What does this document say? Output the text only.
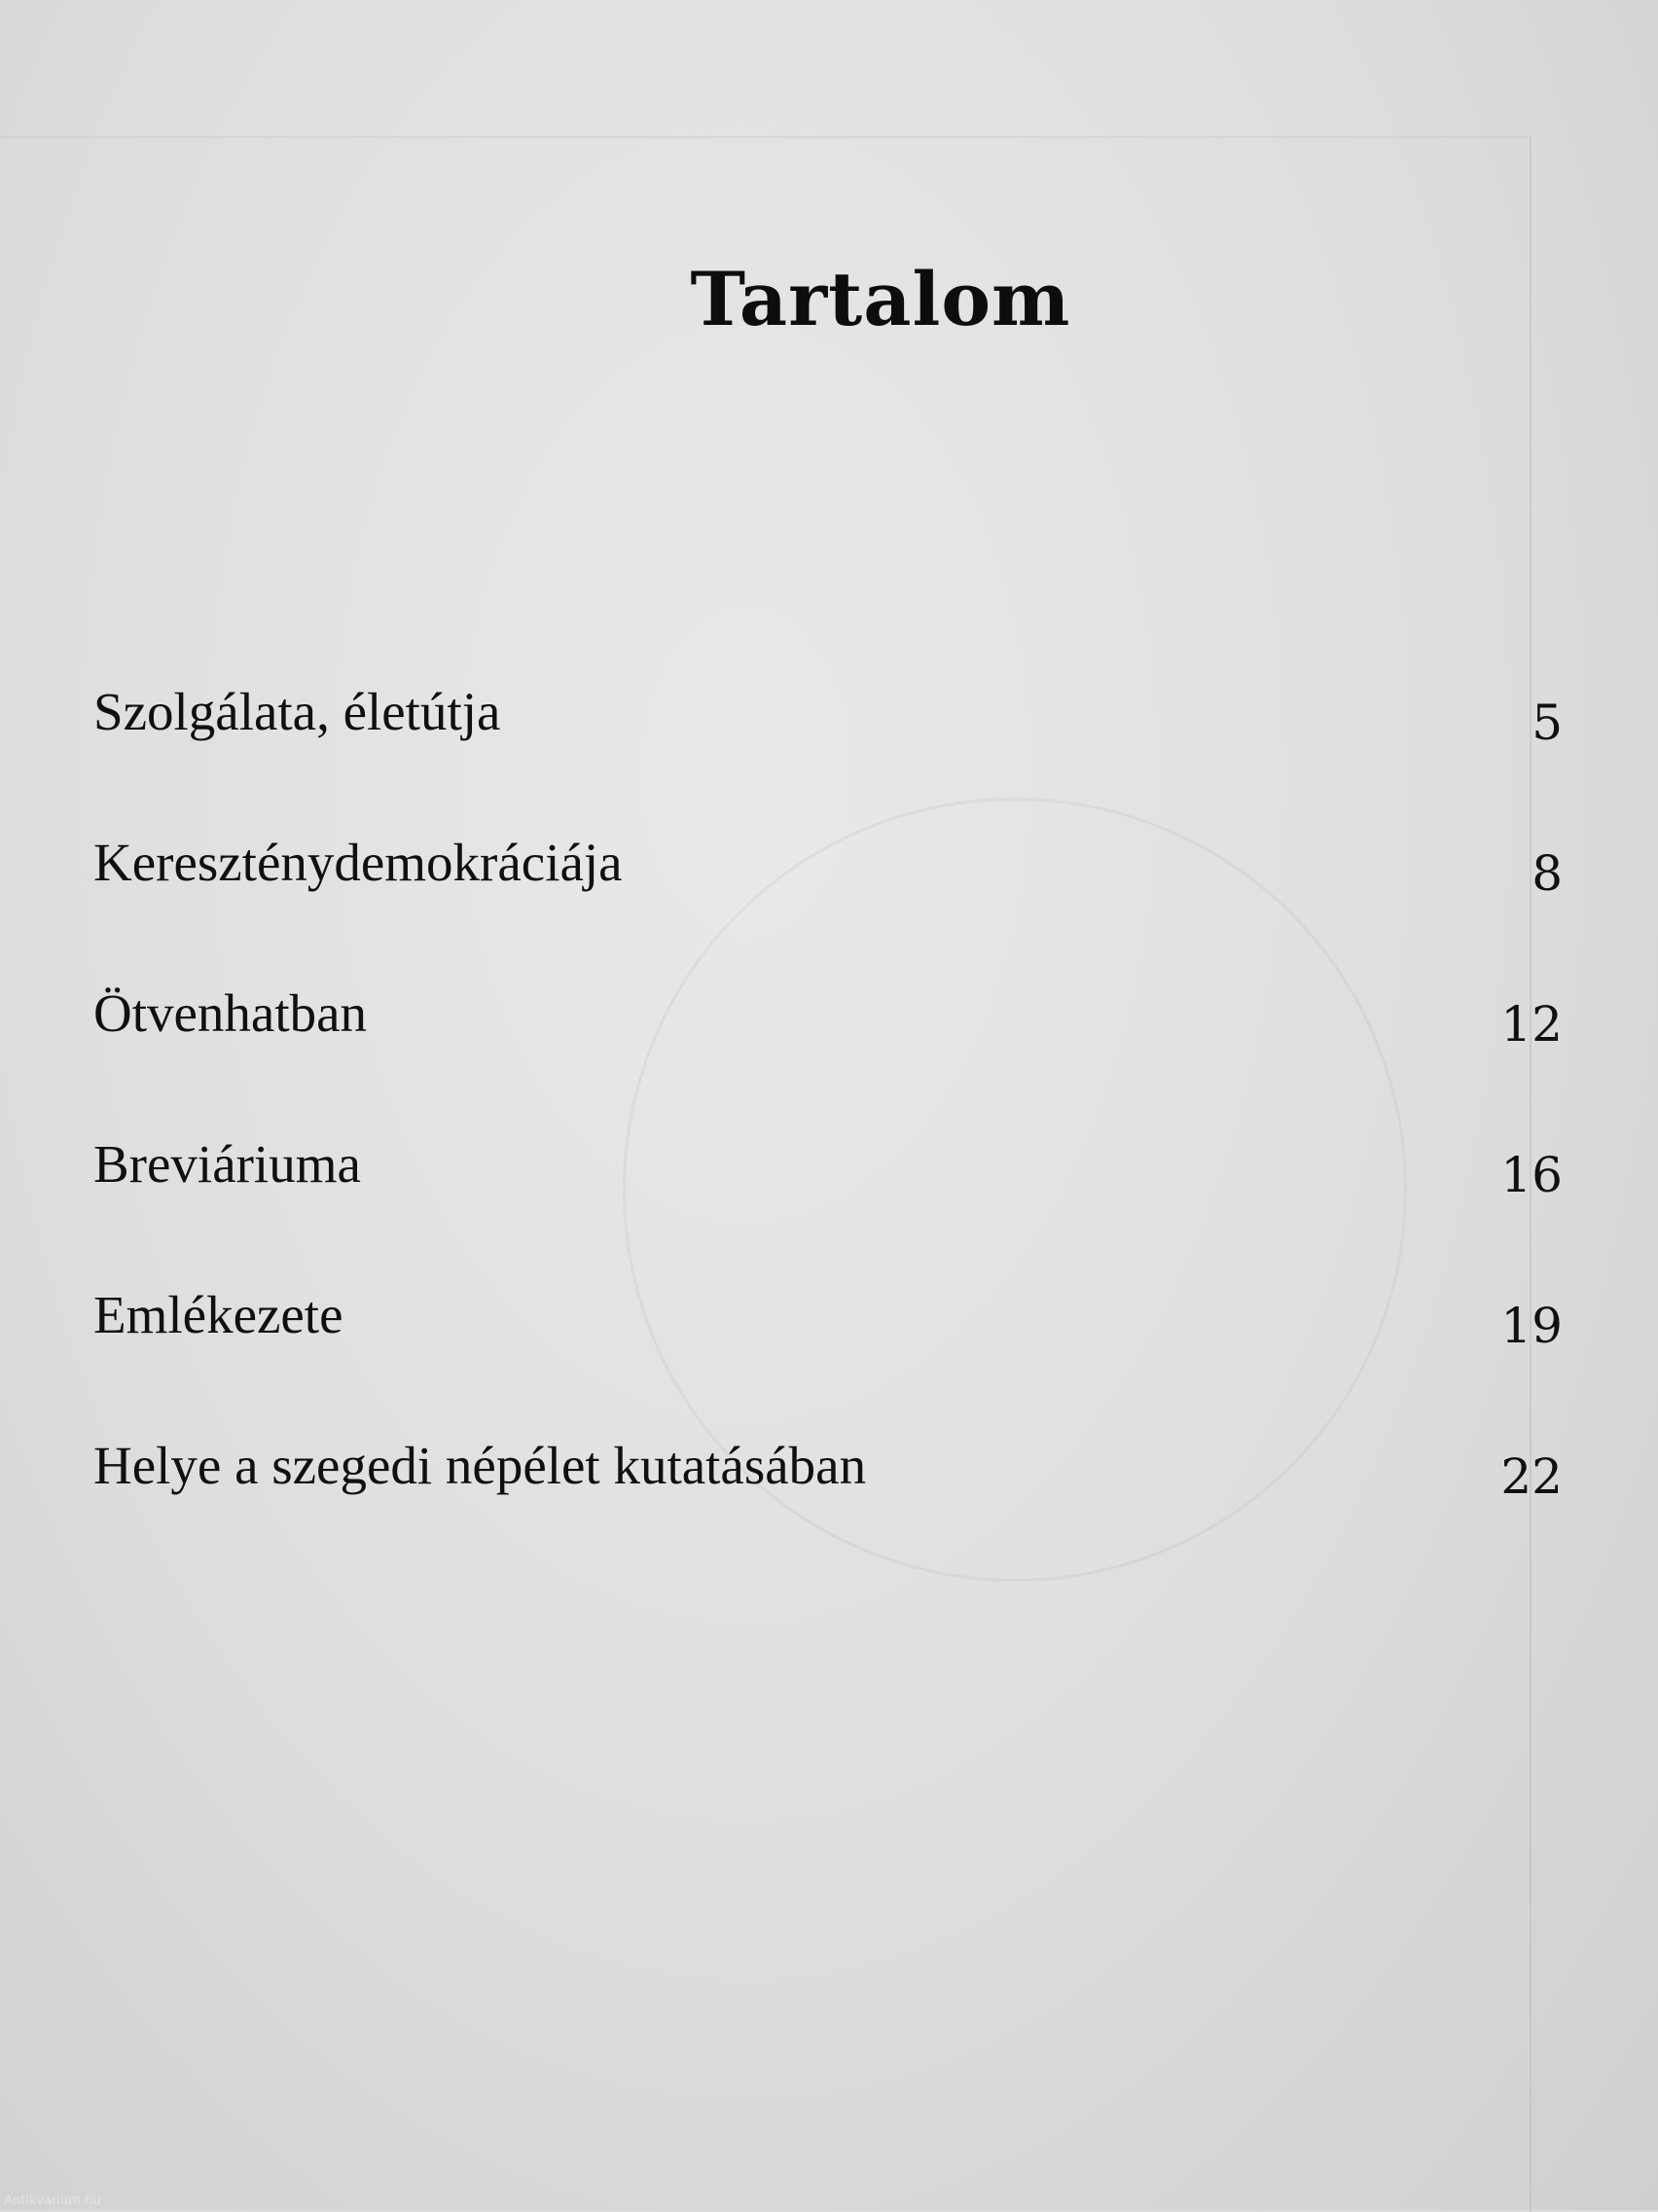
Tartalom
Szolgálata, életútja	5
Kereszténydemokráciája	8
Ötvenhatban	12
Breviáriuma	16
Emlékezete	19
Helye a szegedi népélet kutatásában	22
Antikvarium.hu
